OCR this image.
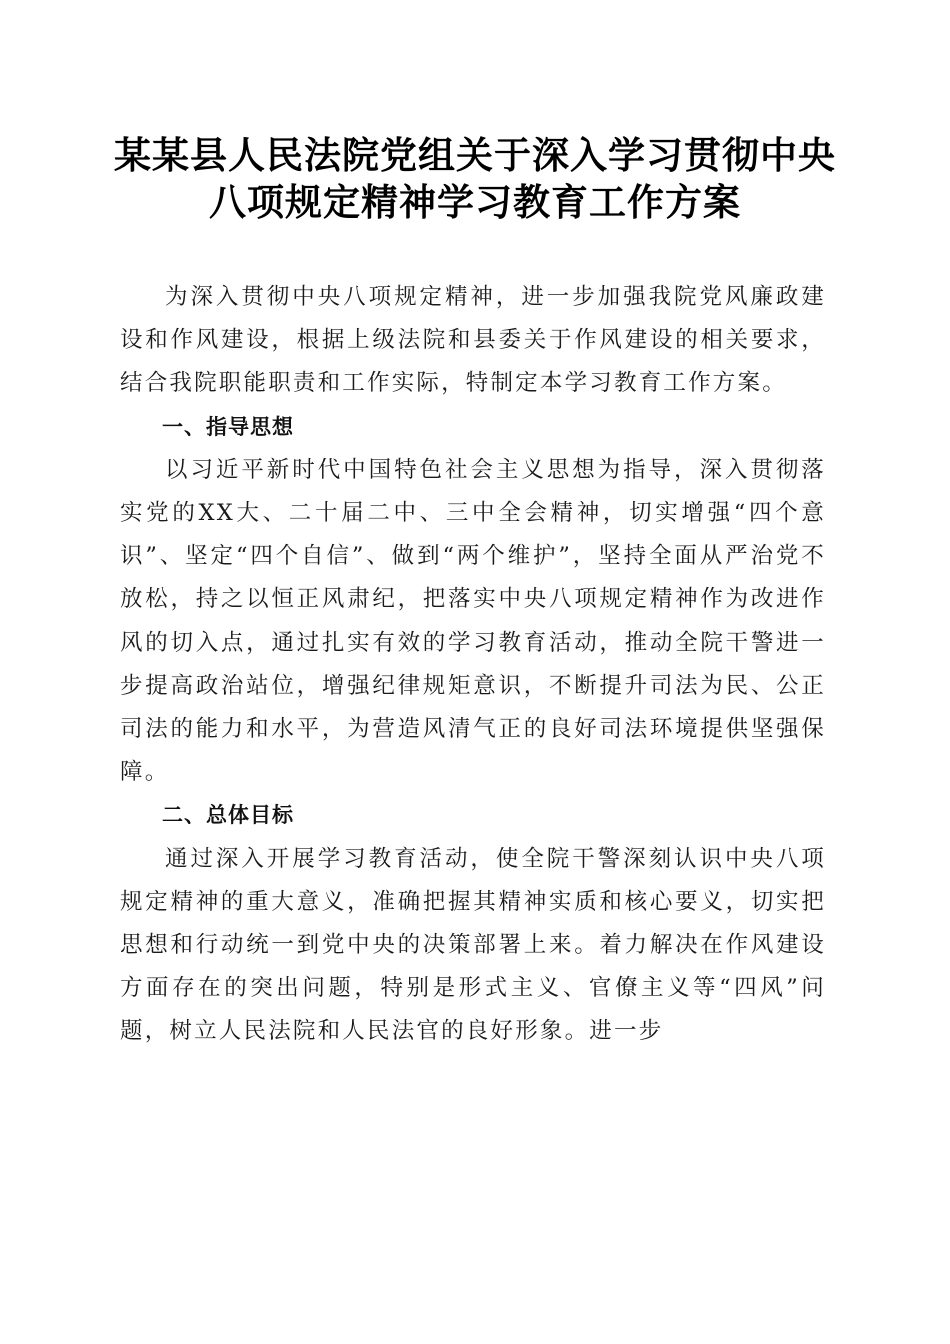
某某县人民法院党组关于深入学习贯彻中央八项规定精神学习教育工作方案

为深入贯彻中央八项规定精神，进一步加强我院党风廉政建设和作风建设，根据上级法院和县委关于作风建设的相关要求，结合我院职能职责和工作实际，特制定本学习教育工作方案。

一、指导思想

以习近平新时代中国特色社会主义思想为指导，深入贯彻落实党的XX大、二十届二中、三中全会精神，切实增强“四个意识”、坚定“四个自信”、做到“两个维护”，坚持全面从严治党不放松，持之以恒正风肃纪，把落实中央八项规定精神作为改进作风的切入点，通过扎实有效的学习教育活动，推动全院干警进一步提高政治站位，增强纪律规矩意识，不断提升司法为民、公正司法的能力和水平，为营造风清气正的良好司法环境提供坚强保障。

二、总体目标

通过深入开展学习教育活动，使全院干警深刻认识中央八项规定精神的重大意义，准确把握其精神实质和核心要义，切实把思想和行动统一到党中央的决策部署上来。着力解决在作风建设方面存在的突出问题，特别是形式主义、官僚主义等“四风”问题，树立人民法院和人民法官的良好形象。进一步
